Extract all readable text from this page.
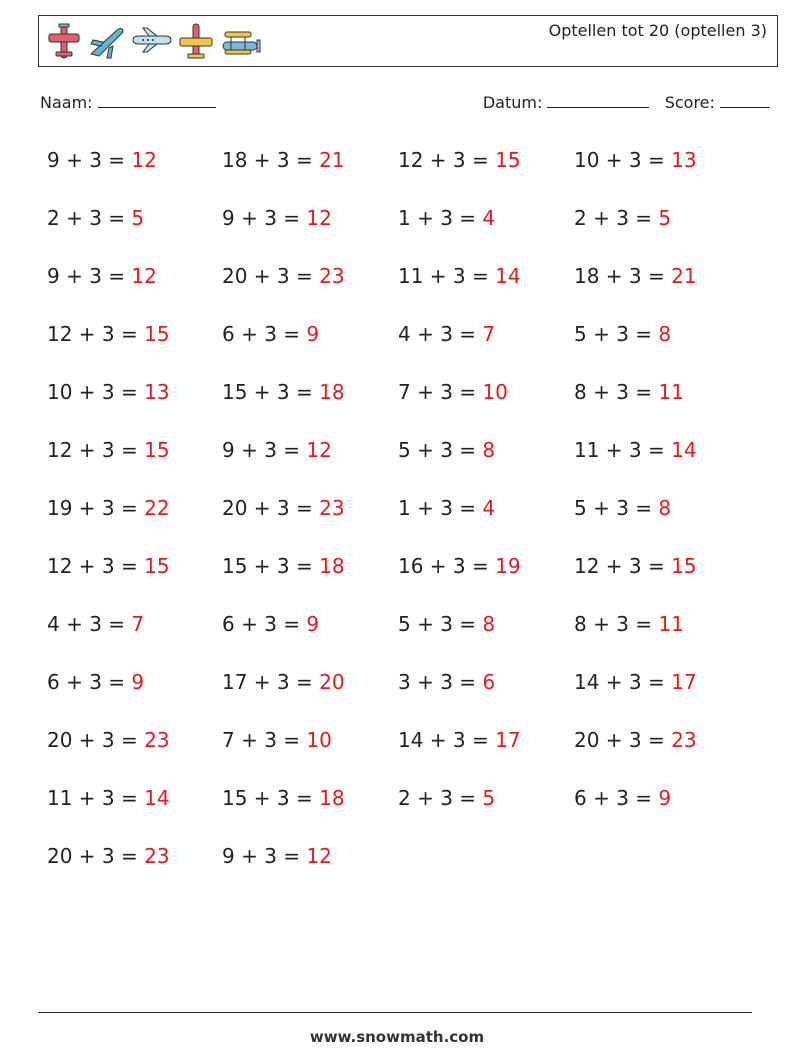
Optellen tot 20 (optellen 3)
Naam:	Datum:	Score:
9 + 3 = 12
2 + 3 = 5
9 + 3 = 12
12 + 3 = 15
10 + 3 = 13
12 + 3 = 15
19 + 3 = 22
12 + 3 = 15
4 + 3 = 7
6 + 3 = 9
20 + 3 = 23
11 + 3 = 14
20 + 3 = 23
18 + 3 = 21
9 + 3 = 12
20 + 3 = 23
6 + 3 = 9
15 + 3 = 18
9 + 3 = 12
20 + 3 = 23
15 + 3 = 18
6 + 3 = 9
17 + 3 = 20
7 + 3 = 10
15 + 3 = 18
9 + 3 = 12
12 + 3 = 15
1 + 3 = 4
11 + 3 = 14
4 + 3 = 7
7 + 3 = 10
5 + 3 = 8
1 + 3 = 4
16 + 3 = 19
5 + 3 = 8
3 + 3 = 6
14 + 3 = 17
2 + 3 = 5
10 + 3 = 13
2 + 3 = 5
18 + 3 = 21
5 + 3 = 8
8 + 3 = 11
11 + 3 = 14
5 + 3 = 8
12 + 3 = 15
8 + 3 = 11
14 + 3 = 17
20 + 3 = 23
6 + 3 = 9
www.snowmath.com
